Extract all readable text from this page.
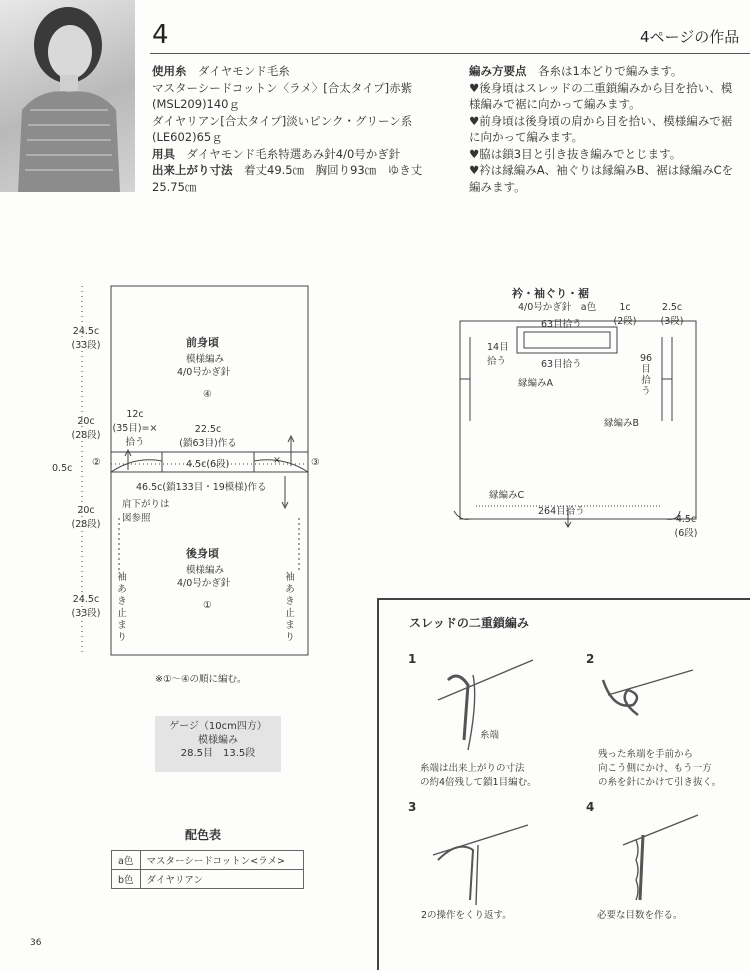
4	4ページの作品
使用糸　 ダイヤモンド毛糸
マスターシードコットン〈ラメ〉[合太タイプ]赤紫
(MSL209)140ｇ
ダイヤリアン[合太タイプ]淡いピンク・グリーン系
(LE602)65ｇ
用具　 ダイヤモンド毛糸特選あみ針4/0号かぎ針
出来上がり寸法　 着丈49.5㎝　胸回り93㎝　ゆき丈
25.75㎝
編み方要点　 各糸は1本どりで編みます。
♥後身頃はスレッドの二重鎖編みから目を拾い、模
様編みで裾に向かって編みます。
♥前身頃は後身頃の肩から目を拾い、模様編みで裾
に向かって編みます。
♥脇は鎖3目と引き抜き編みでとじます。
♥衿は縁編みA、袖ぐりは縁編みB、裾は縁編みCを
編みます。
前身頃
模様編み
4/0号かぎ針
④
後身頃
模様編み
4/0号かぎ針
①
24.5c
(33段)
20c
(28段)
0.5c
20c
(28段)
24.5c
(33段)
12c
(35目)=×
拾う
22.5c
(鎖63目)作る
4.5c(6段)
46.5c(鎖133目・19模様)作る
肩下がりは
図参照
②	③
×
袖
あ
き
止
ま
り
袖
あ
き
止
ま
り
※①〜④の順に編む。
衿・袖ぐり・裾
4/0号かぎ針　a色	1c
(2段)
2.5c
(3段)
63目拾う
63目拾う
14目
拾う	96
目
拾
う
縁編みA
縁編みB
縁編みC
264目拾う
4.5c
(6段)
ゲージ（10cm四方）
模様編み
28.5目　13.5段
配色表
a色	マスターシードコットン<ラメ>
b色	ダイヤリアン
スレッドの二重鎖編み
1	2
3	4
糸端
糸端は出来上がりの寸法
の約4倍残して鎖1目編む。
残った糸端を手前から
向こう側にかけ、もう一方
の糸を針にかけて引き抜く。
2の操作をくり返す。	必要な目数を作る。
36
